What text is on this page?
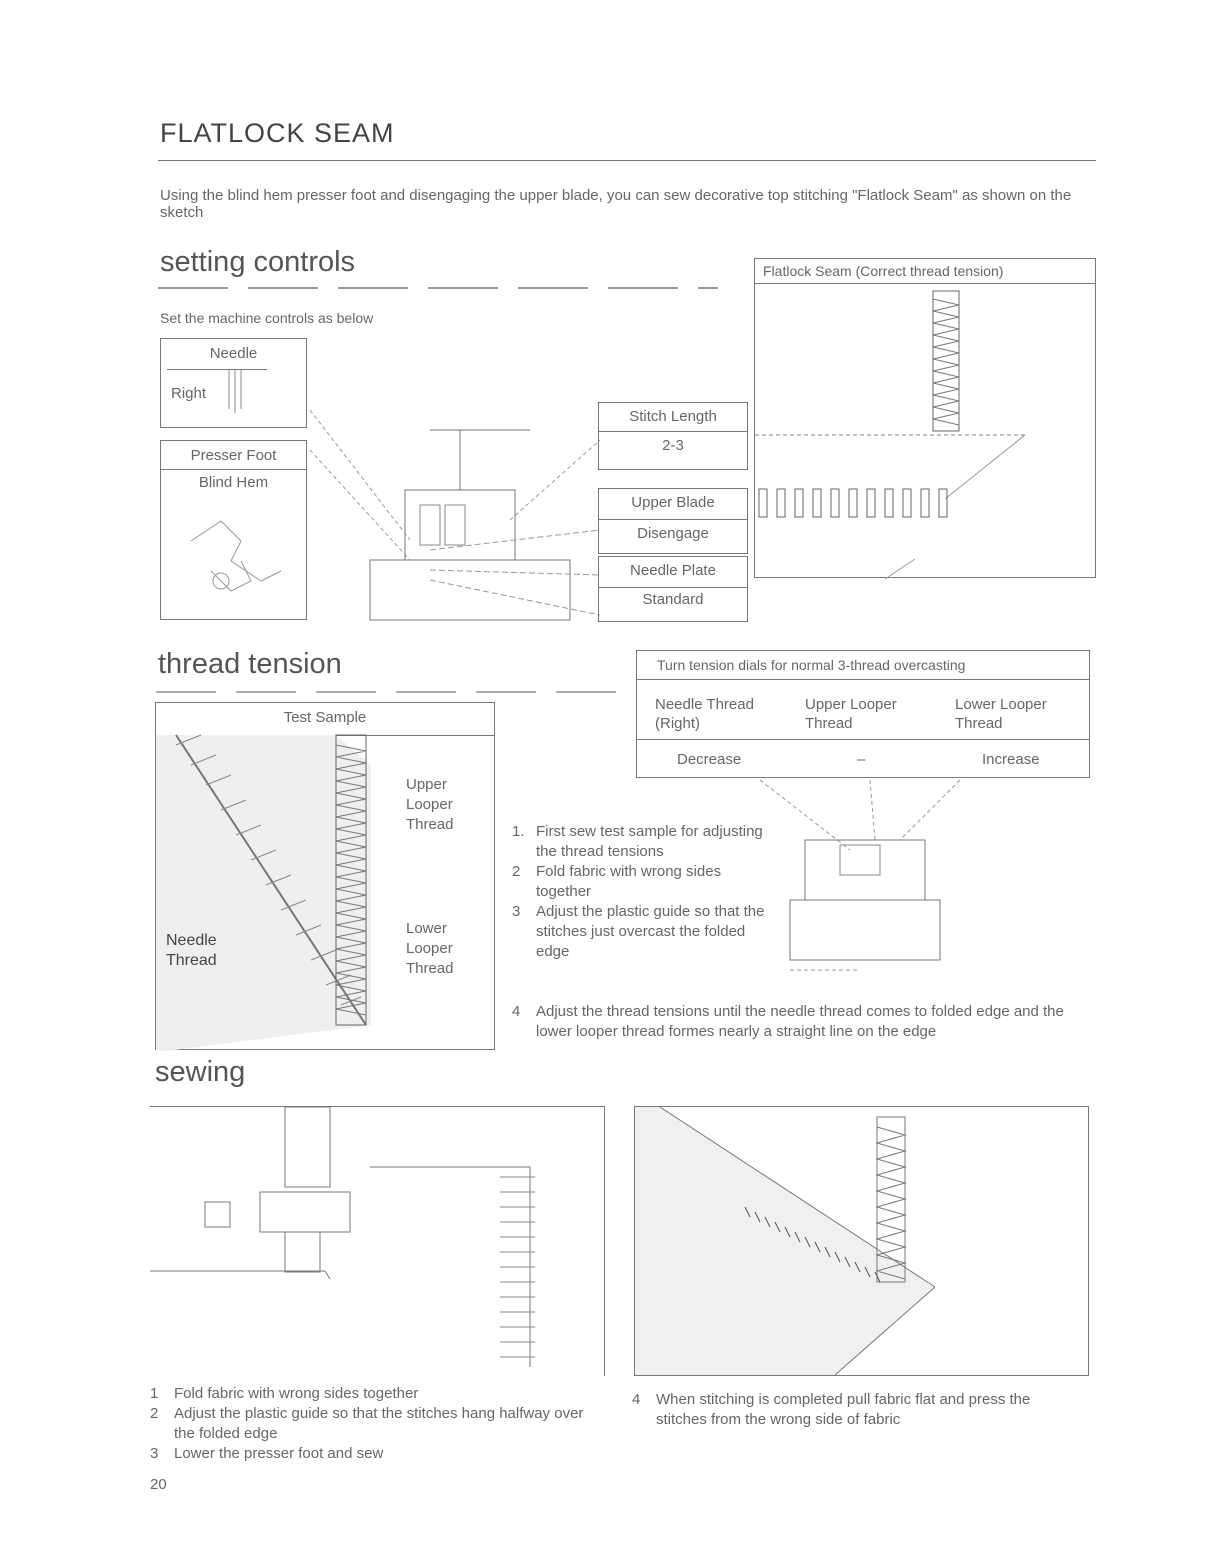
FLATLOCK SEAM
Using the blind hem presser foot and disengaging the upper blade, you can sew decorative top stitching "Flatlock Seam" as shown on the sketch
setting controls
Set the machine controls as below
Needle
Right
Presser Foot
Blind Hem
Stitch Length
2-3
Upper Blade
Disengage
Needle Plate
Standard
Flatlock Seam (Correct thread tension)
thread tension
Test Sample
Needle
Thread
Upper
Looper
Thread
Lower
Looper
Thread
Turn tension dials for normal 3-thread overcasting
Needle Thread
(Right)
Upper Looper
Thread
Lower Looper
Thread
Decrease	–	Increase
1. First sew test sample for adjusting the thread tensions
2 Fold fabric with wrong sides together
3 Adjust the plastic guide so that the stitches just overcast the folded edge
4 Adjust the thread tensions until the needle thread comes to folded edge and the lower looper thread formes nearly a straight line on the edge
sewing
1 Fold fabric with wrong sides together
2 Adjust the plastic guide so that the stitches hang halfway over the folded edge
3 Lower the presser foot and sew
4 When stitching is completed pull fabric flat and press the stitches from the wrong side of fabric
20
